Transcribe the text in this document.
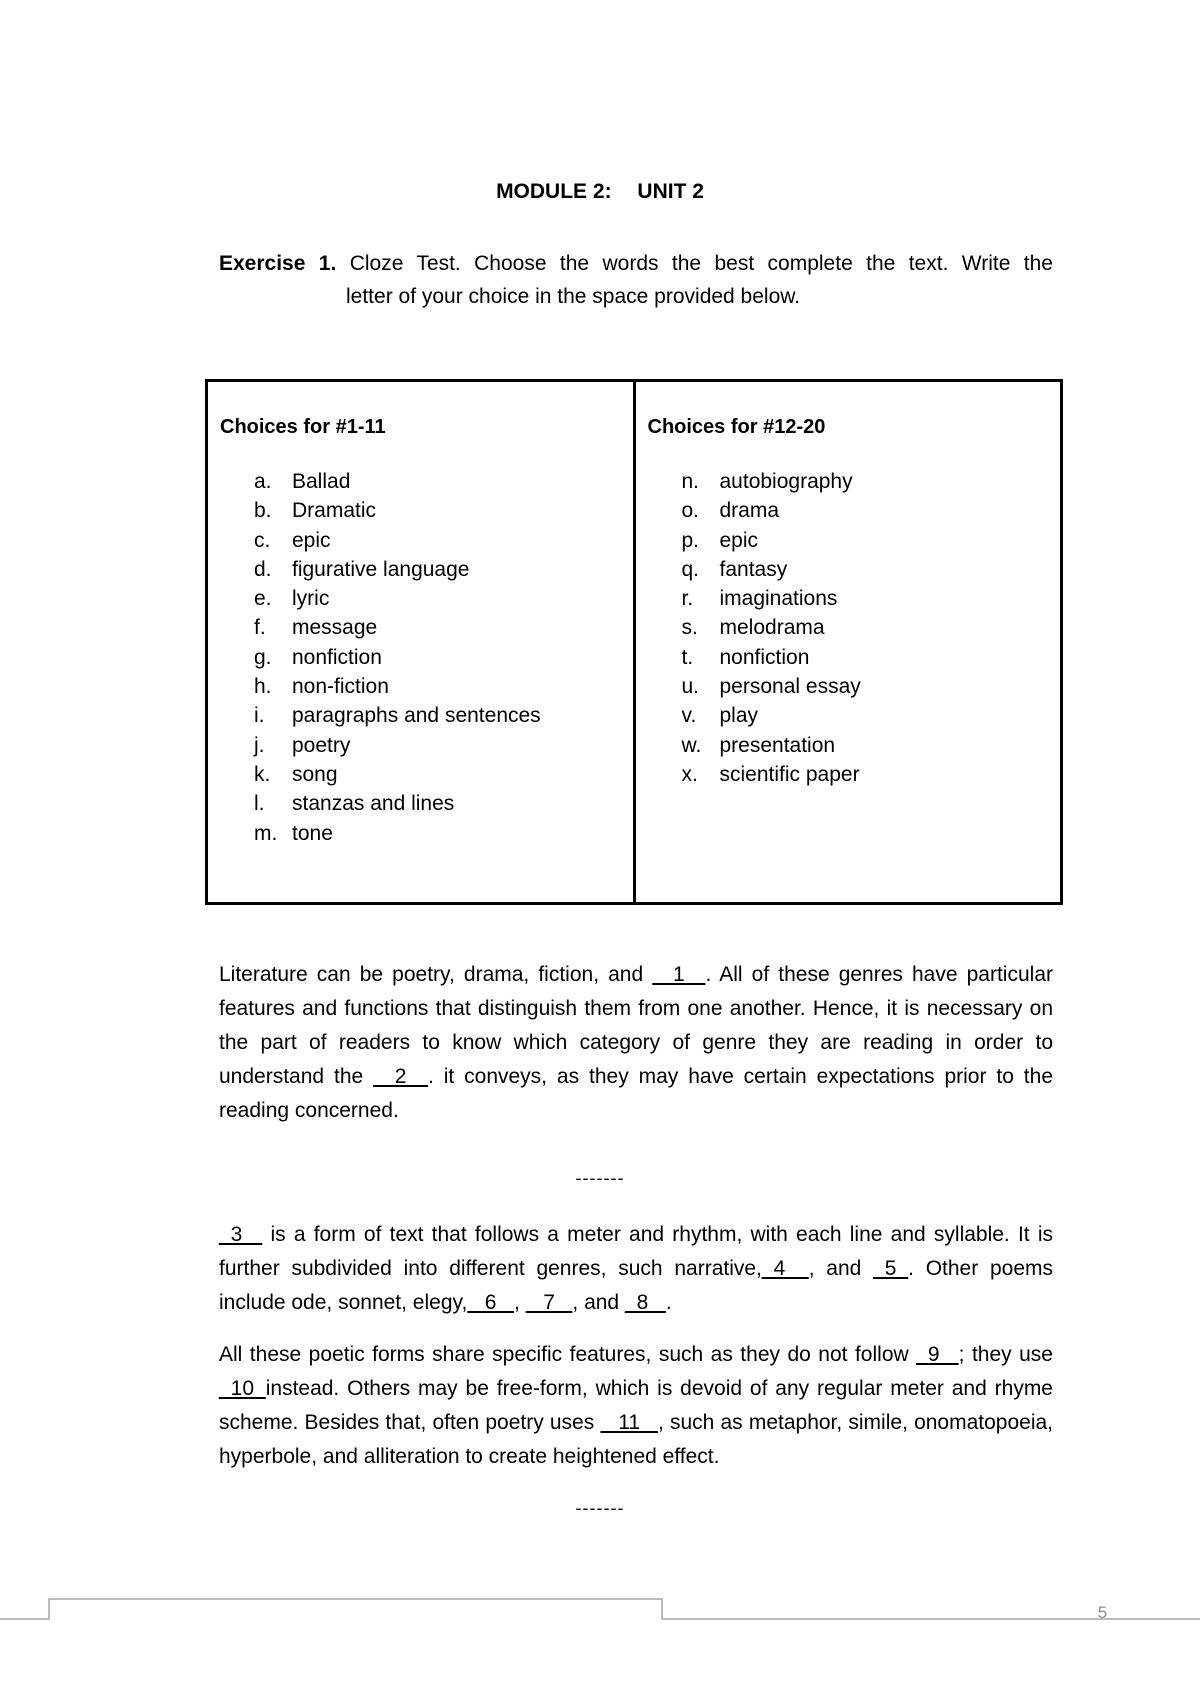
MODULE 2: UNIT 2
Exercise 1. Cloze Test. Choose the words the best complete the text. Write the
letter of your choice in the space provided below.
Choices for #1-11
a. Ballad
b. Dramatic
c.	epic
d. figurative language
e. lyric
f.	message
g. nonfiction
h. non-fiction
i.	paragraphs and sentences
j.	poetry
k.	song
l.	stanzas and lines
m. tone
Choices for #12-20
n. autobiography
o. drama
p. epic
q. fantasy
r.	imaginations
s.	melodrama
t.	nonfiction
u. personal essay
v.	play
w. presentation
x.	scientific paper

Literature can be poetry, drama, fiction, and  _1_ . All of these genres have particular features and functions that distinguish them from one another. Hence, it is necessary on the part of readers to know which category of genre they are reading in order to understand the  _2_ . it conveys, as they may have certain expectations prior to the reading concerned.

-------

_3_  is a form of text that follows a meter and rhythm, with each line and syllable. It is further subdivided into different genres, such narrative,_4_ , and _5_. Other poems include ode, sonnet, elegy, _6_ ,  _7_ , and _8_ .

All these poetic forms share specific features, such as they do not follow _9_ ; they use _10_instead. Others may be free-form, which is devoid of any regular meter and rhyme scheme. Besides that, often poetry uses  _11_ , such as metaphor, simile, onomatopoeia, hyperbole, and alliteration to create heightened effect.

-------
5
